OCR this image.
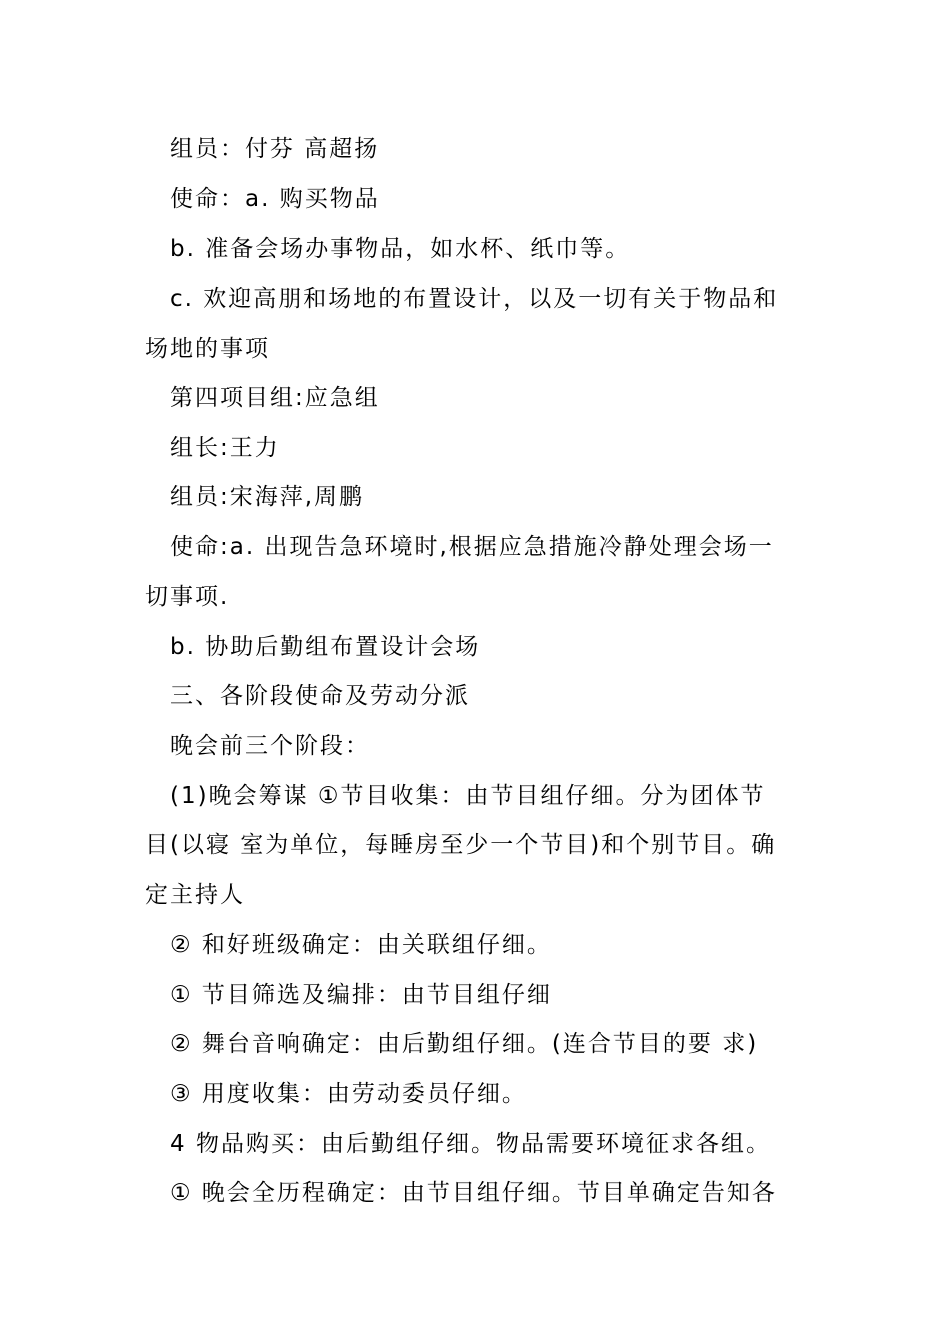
组员：付芬 高超扬
使命：a. 购买物品
b. 准备会场办事物品，如水杯、纸巾等。
c. 欢迎高朋和场地的布置设计，以及一切有关于物品和
场地的事项
第四项目组:应急组
组长:王力
组员:宋海萍,周鹏
使命:a. 出现告急环境时,根据应急措施冷静处理会场一
切事项.
b. 协助后勤组布置设计会场
三、各阶段使命及劳动分派
晚会前三个阶段：
(1)晚会筹谋 ①节目收集：由节目组仔细。分为团体节
目(以寝 室为单位，每睡房至少一个节目)和个别节目。确
定主持人
② 和好班级确定：由关联组仔细。
① 节目筛选及编排：由节目组仔细
② 舞台音响确定：由后勤组仔细。(连合节目的要 求)
③ 用度收集：由劳动委员仔细。
4 物品购买：由后勤组仔细。物品需要环境征求各组。
① 晚会全历程确定：由节目组仔细。节目单确定告知各
